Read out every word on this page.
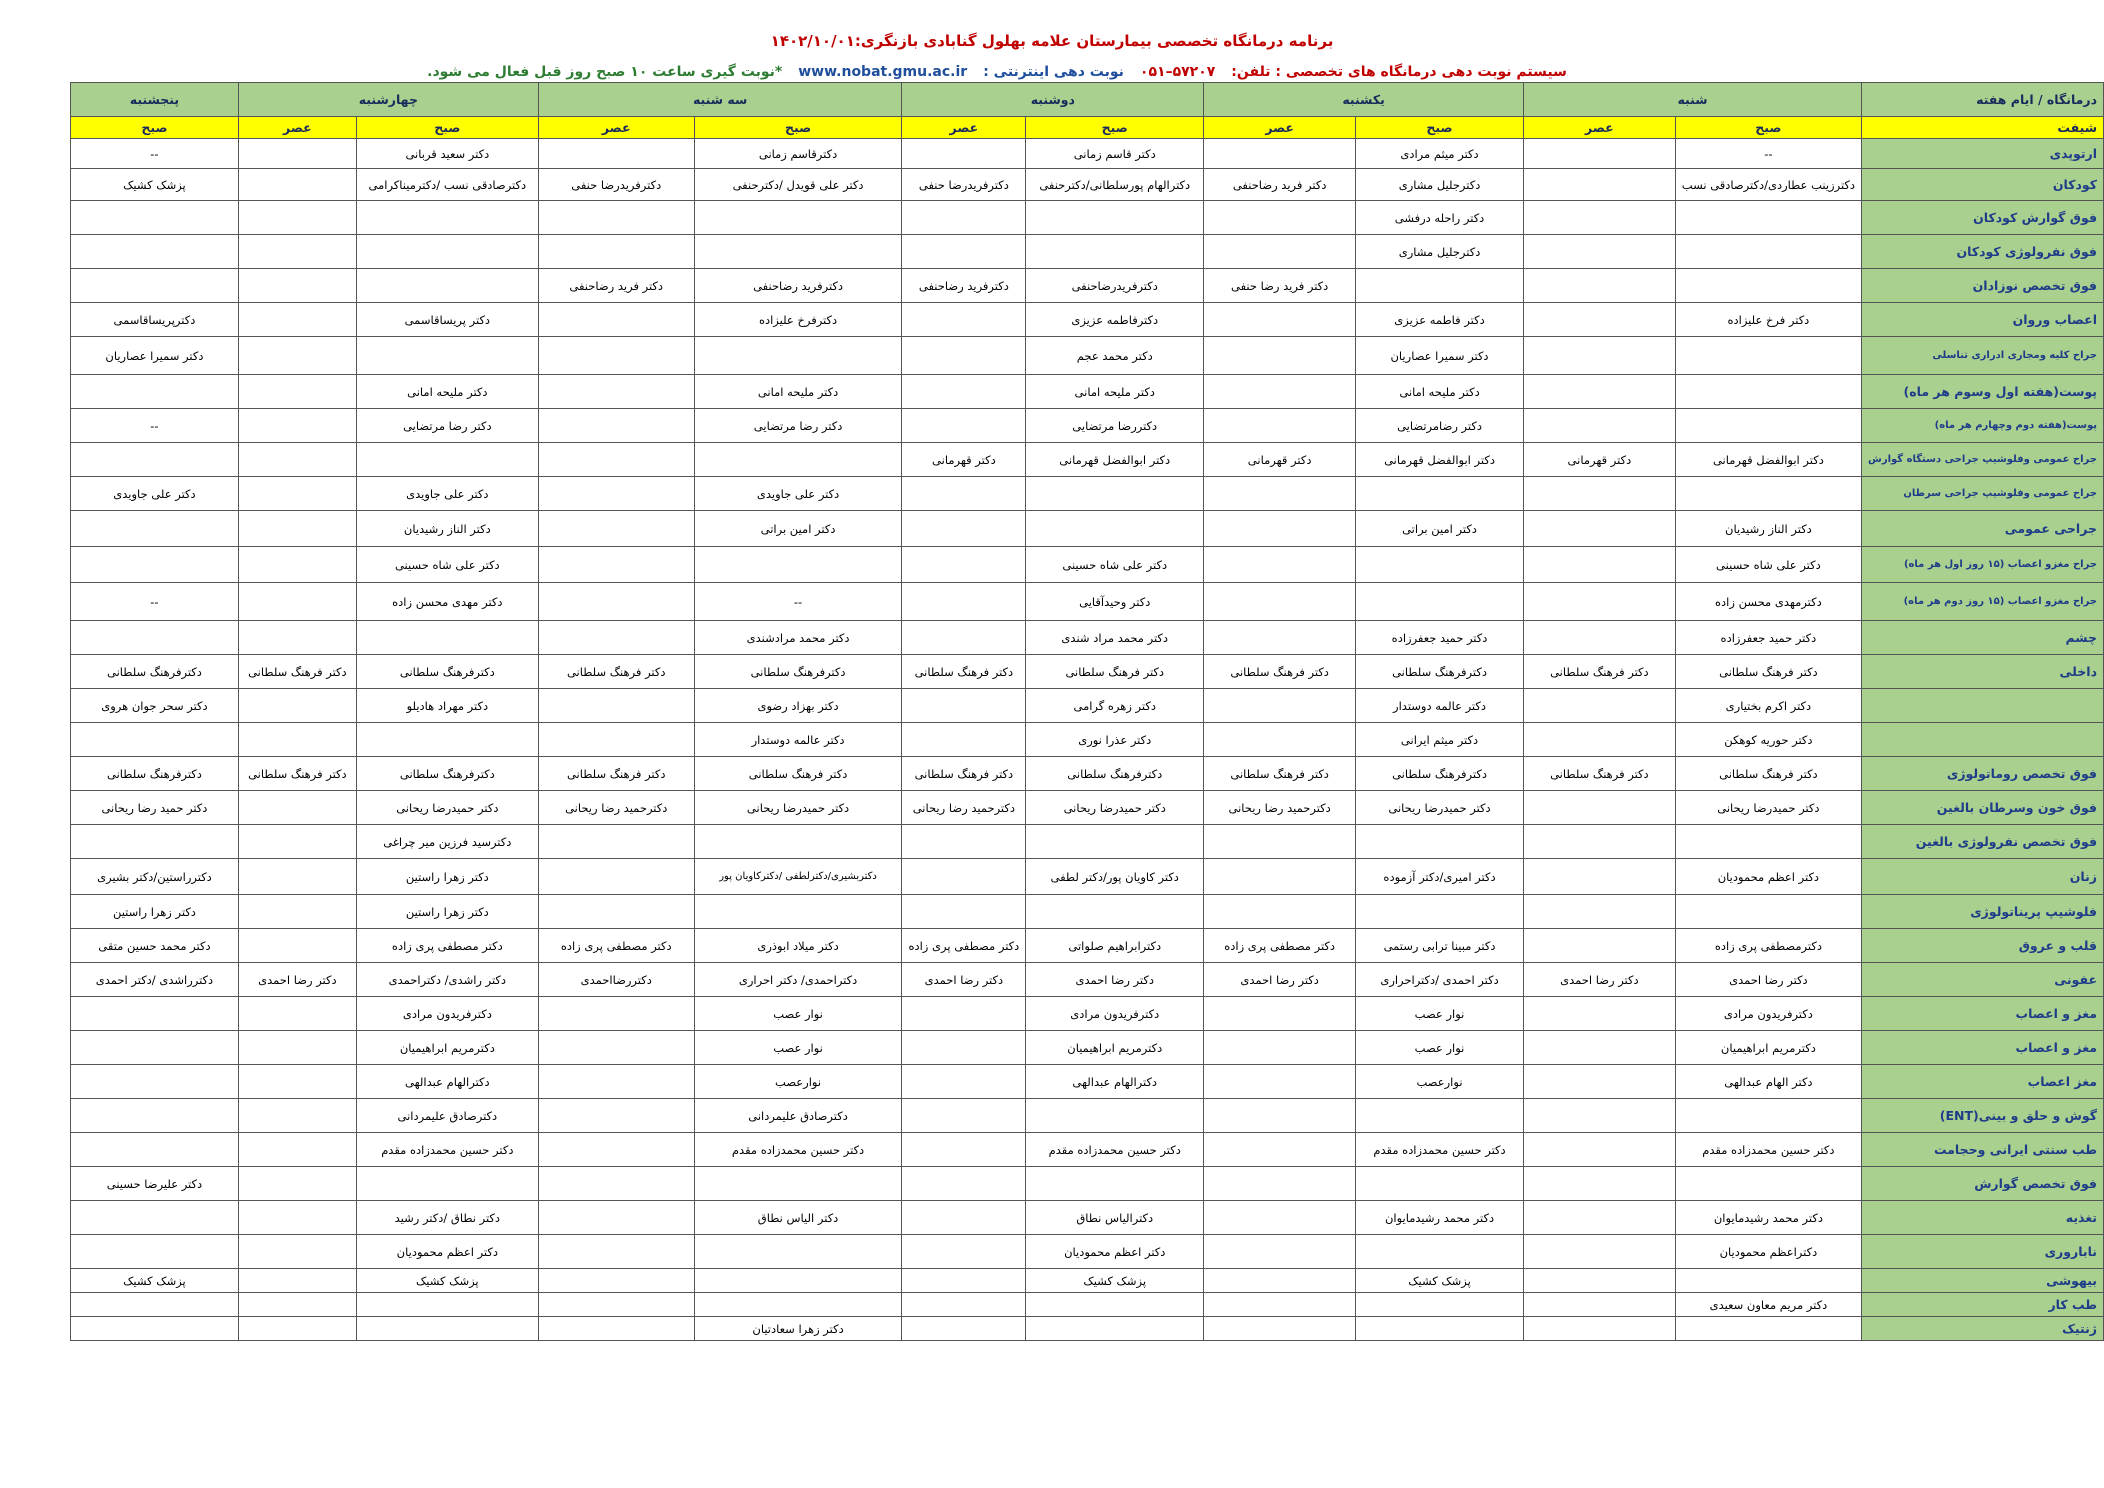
برنامه درمانگاه تخصصی بیمارستان علامه بهلول گنابادی بازنگری:۱۴۰۲/۱۰/۰۱
سیستم نوبت دهی درمانگاه های تخصصی : تلفن:۵۷۲۰۷–۰۵۱نوبت دهی اینترنتی :www.nobat.gmu.ac.ir*نوبت گیری ساعت ۱۰ صبح روز قبل فعال می شود.
درمانگاه / ایام هفته	شنبه		یکشنبه		دوشنبه		سه شنبه		چهارشنبه		پنجشنبه
شیفت	صبح	عصر	صبح	عصر	صبح	عصر	صبح	عصر	صبح	عصر	صبح
ارتوپدی	--		دکتر میثم مرادی		دکتر قاسم زمانی		دکترقاسم زمانی		دکتر سعید قربانی		--
کودکان	دکترزینب عطاردی/دکترصادقی نسب		دکترجلیل مشاری	دکتر فرید رضاحنفی	دکترالهام پورسلطانی/دکترحنفی	دکترفریدرضا حنفی	دکتر علی قویدل /دکترحنفی	دکترفریدرضا حنفی	دکترصادقی نسب /دکترمیناکرامی		پزشک کشیک
فوق گوارش کودکان			دکتر راحله درفشی								
فوق نفرولوژی کودکان			دکترجلیل مشاری								
فوق تخصص نوزادان				دکتر فرید رضا حنفی	دکترفریدرضاحنفی	دکترفرید رضاحنفی	دکترفرید رضاحنفی	دکتر فرید رضاحنفی			
اعصاب وروان	دکتر فرخ علیزاده		دکتر فاطمه عزیزی		دکترفاطمه عزیزی		دکترفرخ علیزاده		دکتر پریساقاسمی		دکترپریساقاسمی
جراح کلیه ومجاری ادراری تناسلی			دکتر سمیرا عصاریان		دکتر محمد عجم						دکتر سمیرا عصاریان
پوست(هفته اول وسوم هر ماه)			دکتر ملیحه امانی		دکتر ملیحه امانی		دکتر ملیحه امانی		دکتر ملیحه امانی		
پوست(هفته دوم وچهارم هر ماه)			دکتر رضامرتضایی		دکتررضا مرتضایی		دکتر رضا مرتضایی		دکتر رضا مرتضایی		--
جراح عمومی وفلوشیپ جراحی دستگاه گوارش	دکتر ابوالفضل قهرمانی	دکتر قهرمانی	دکتر ابوالفضل قهرمانی	دکتر قهرمانی	دکتر ابوالفضل قهرمانی	دکتر قهرمانی					
جراح عمومی وفلوشیپ جراحی سرطان							دکتر علی جاویدی		دکتر علی جاویدی		دکتر علی جاویدی
جراحی عمومی	دکتر الناز رشیدیان		دکتر امین براتی				دکتر امین براتی		دکتر الناز رشیدیان		
جراح مغزو اعصاب (۱۵ روز اول هر ماه)	دکتر علی شاه حسینی				دکتر علی شاه حسینی				دکتر علی شاه حسینی		
جراح مغزو اعصاب (۱۵ روز دوم هر ماه)	دکترمهدی محسن زاده				دکتر وحیدآقایی		--		دکتر مهدی محسن زاده		--
چشم	دکتر حمید جعفرزاده		دکتر حمید جعفرزاده		دکتر محمد مراد شندی		دکتر محمد مرادشندی				
داخلی	دکتر فرهنگ سلطانی	دکتر فرهنگ سلطانی	دکترفرهنگ سلطانی	دکتر فرهنگ سلطانی	دکتر فرهنگ سلطانی	دکتر فرهنگ سلطانی	دکترفرهنگ سلطانی	دکتر فرهنگ سلطانی	دکترفرهنگ سلطانی	دکتر فرهنگ سلطانی	دکترفرهنگ سلطانی
	دکتر اکرم بختیاری		دکتر عالمه دوستدار		دکتر زهره گرامی		دکتر بهزاد رضوی		دکتر مهراد هادیلو		دکتر سحر جوان هروی
	دکتر حوریه کوهکن		دکتر میثم ایرانی		دکتر عذرا نوری		دکتر عالمه دوستدار				
فوق تخصص روماتولوژی	دکتر فرهنگ سلطانی	دکتر فرهنگ سلطانی	دکترفرهنگ سلطانی	دکتر فرهنگ سلطانی	دکترفرهنگ سلطانی	دکتر فرهنگ سلطانی	دکتر فرهنگ سلطانی	دکتر فرهنگ سلطانی	دکترفرهنگ سلطانی	دکتر فرهنگ سلطانی	دکترفرهنگ سلطانی
فوق خون وسرطان بالغین	دکتر حمیدرضا ریحانی		دکتر حمیدرضا ریحانی	دکترحمید رضا ریحانی	دکتر حمیدرضا ریحانی	دکترحمید رضا ریحانی	دکتر حمیدرضا ریحانی	دکترحمید رضا ریحانی	دکتر حمیدرضا ریحانی		دکتر حمید رضا ریحانی
فوق تخصص نفرولوژی بالغین									دکترسید فرزین میر چراغی		
زنان	دکتر اعظم محمودیان		دکتر امیری/دکتر آزموده		دکتر کاویان پور/دکتر لطفی		دکتربشیری/دکترلطفی /دکترکاویان پور		دکتر زهرا راستین		دکترراستین/دکتر بشیری
فلوشیپ پریناتولوژی									دکتر زهرا راستین		دکتر زهرا راستین
قلب و عروق	دکترمصطفی پری زاده		دکتر مبینا ترابی رستمی	دکتر مصطفی پری زاده	دکترابراهیم صلواتی	دکتر مصطفی پری زاده	دکتر میلاد ابوذری	دکتر مصطفی پری زاده	دکتر مصطفی پری زاده		دکتر محمد حسین متقی
عفونی	دکتر رضا احمدی	دکتر رضا احمدی	دکتر احمدی /دکتراحراری	دکتر رضا احمدی	دکتر رضا احمدی	دکتر رضا احمدی	دکتراحمدی/ دکتر احراری	دکتررضااحمدی	دکتر راشدی/ دکتراحمدی	دکتر رضا احمدی	دکترراشدی /دکتر احمدی
مغز و اعصاب	دکترفریدون مرادی		نوار عصب		دکترفریدون مرادی		نوار عصب		دکترفریدون مرادی		
مغز و اعصاب	دکترمریم ابراهیمیان		نوار عصب		دکترمریم ابراهیمیان		نوار عصب		دکترمریم ابراهیمیان		
مغز اعصاب	دکتر الهام عبدالهی		نوارعصب		دکترالهام عبدالهی		نوارعصب		دکترالهام عبدالهی		
گوش و حلق و بینی(ENT)							دکترصادق علیمردانی		دکترصادق علیمردانی		
طب سنتی ایرانی وحجامت	دکتر حسین محمدزاده مقدم		دکتر حسین محمدزاده مقدم		دکتر حسین محمدزاده مقدم		دکتر حسین محمدزاده مقدم		دکتر حسین محمدزاده مقدم		
فوق تخصص گوارش											دکتر علیرضا حسینی
تغذیه	دکتر محمد رشیدمایوان		دکتر محمد رشیدمایوان		دکترالیاس نطاق		دکتر الیاس نطاق		دکتر نطاق /دکتر رشید		
ناباروری	دکتراعظم محمودیان				دکتر اعظم محمودیان				دکتر اعظم محمودیان		
بیهوشی			پزشک کشیک		پزشک کشیک				پزشک کشیک		پزشک کشیک
طب کار	دکتر مریم معاون سعیدی										
ژنتیک							دکتر زهرا سعادتیان				
